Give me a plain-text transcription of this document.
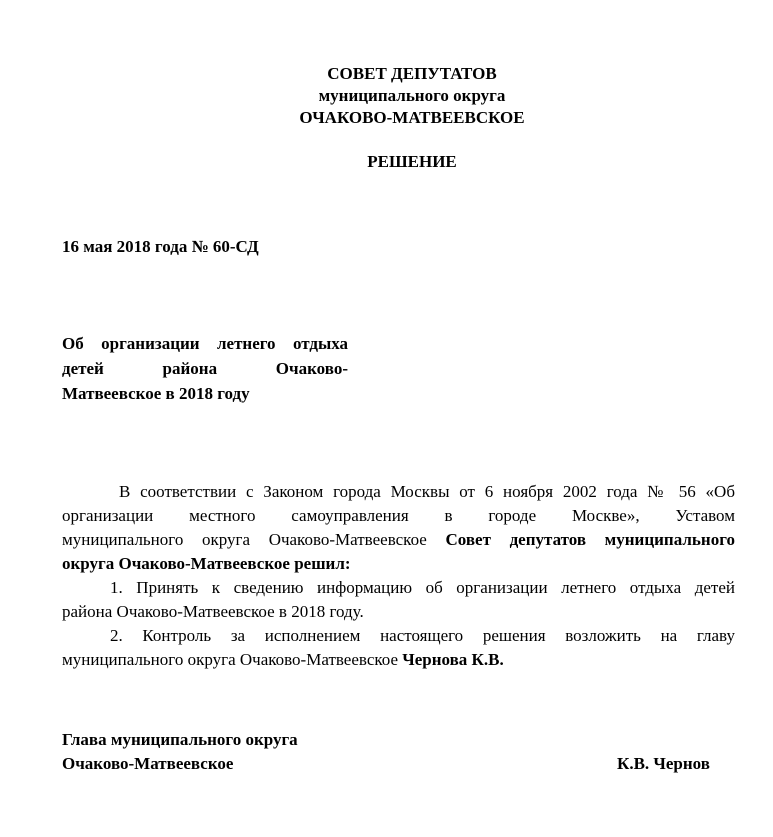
СОВЕТ ДЕПУТАТОВ
муниципального округа
ОЧАКОВО-МАТВЕЕВСКОЕ
РЕШЕНИЕ
16 мая 2018 года № 60-СД
Об организации летнего отдыха
детей района Очаково-
Матвеевское в 2018 году
В соответствии с Законом города Москвы от 6 ноября 2002 года № 56 «Об
организации местного самоуправления в городе Москве», Уставом
муниципального округа Очаково-Матвеевское Совет депутатов муниципального
округа Очаково-Матвеевское решил:
1. Принять к сведению информацию об организации летнего отдыха детей
района Очаково-Матвеевское в 2018 году.
2. Контроль за исполнением настоящего решения возложить на главу
муниципального округа Очаково-Матвеевское Чернова К.В.
Глава муниципального округа
Очаково-Матвеевское	К.В. Чернов
